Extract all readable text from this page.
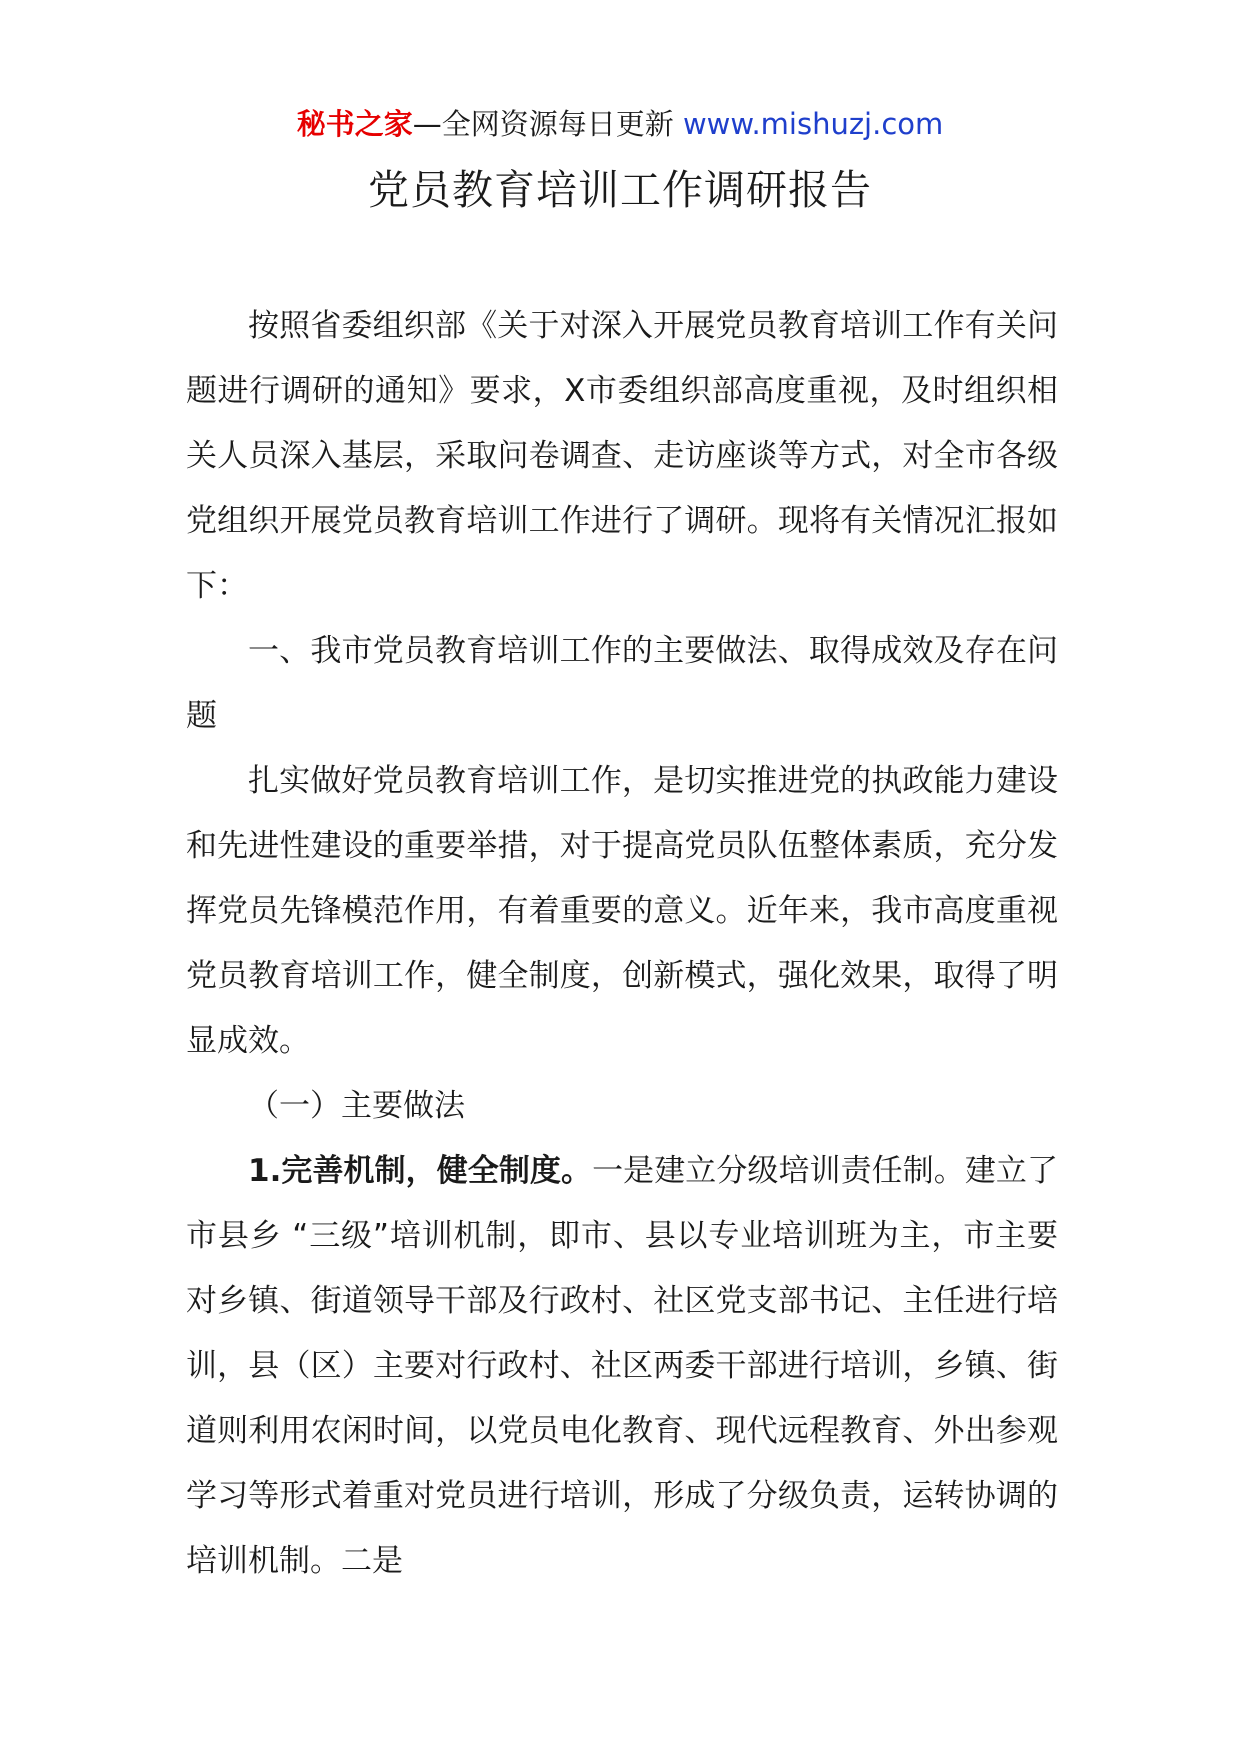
秘书之家—全网资源每日更新 www.mishuzj.com
党员教育培训工作调研报告

按照省委组织部《关于对深入开展党员教育培训工作有关问题进行调研的通知》要求，X市委组织部高度重视，及时组织相关人员深入基层，采取问卷调查、走访座谈等方式，对全市各级党组织开展党员教育培训工作进行了调研。现将有关情况汇报如下：

一、我市党员教育培训工作的主要做法、取得成效及存在问题

扎实做好党员教育培训工作，是切实推进党的执政能力建设和先进性建设的重要举措，对于提高党员队伍整体素质，充分发挥党员先锋模范作用，有着重要的意义。近年来，我市高度重视党员教育培训工作，健全制度，创新模式，强化效果，取得了明显成效。

（一）主要做法

1.完善机制，健全制度。一是建立分级培训责任制。建立了市县乡 “三级”培训机制，即市、县以专业培训班为主，市主要对乡镇、街道领导干部及行政村、社区党支部书记、主任进行培训，县（区）主要对行政村、社区两委干部进行培训，乡镇、街道则利用农闲时间，以党员电化教育、现代远程教育、外出参观学习等形式着重对党员进行培训，形成了分级负责，运转协调的培训机制。二是
